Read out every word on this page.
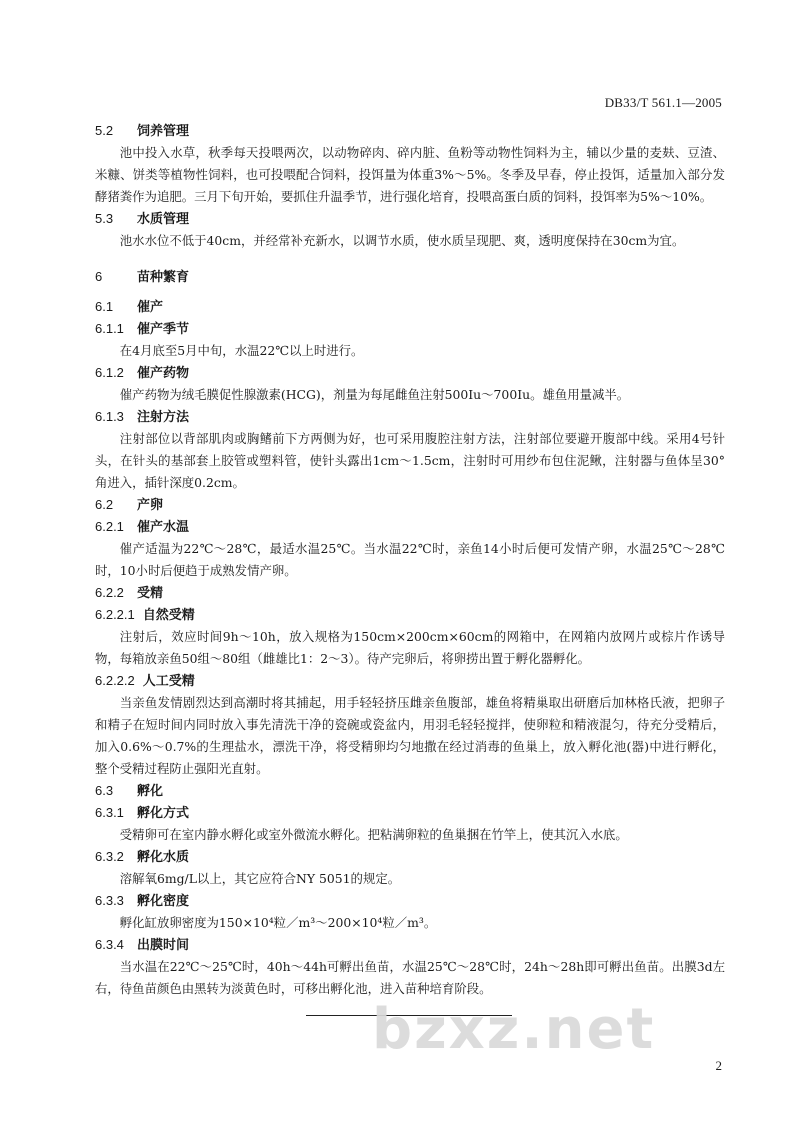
DB33/T 561.1—2005
5.2 饲养管理
池中投入水草，秋季每天投喂两次，以动物碎肉、碎内脏、鱼粉等动物性饲料为主，辅以少量的麦麸、豆渣、米糠、饼类等植物性饲料，也可投喂配合饲料，投饵量为体重3%～5%。冬季及早春，停止投饵，适量加入部分发酵猪粪作为追肥。三月下旬开始，要抓住升温季节，进行强化培育，投喂高蛋白质的饲料，投饵率为5%～10%。
5.3 水质管理
池水水位不低于40cm，并经常补充新水，以调节水质，使水质呈现肥、爽，透明度保持在30cm为宜。
6	苗种繁育
6.1 催产
6.1.1 催产季节
在4月底至5月中旬，水温22℃以上时进行。
6.1.2 催产药物
催产药物为绒毛膜促性腺激素(HCG)，剂量为每尾雌鱼注射500Iu～700Iu。雄鱼用量减半。
6.1.3 注射方法
注射部位以背部肌肉或胸鳍前下方两侧为好，也可采用腹腔注射方法，注射部位要避开腹部中线。采用4号针头，在针头的基部套上胶管或塑料管，使针头露出1cm～1.5cm，注射时可用纱布包住泥鳅，注射器与鱼体呈30°角进入，插针深度0.2cm。
6.2 产卵
6.2.1 催产水温
催产适温为22℃～28℃，最适水温25℃。当水温22℃时，亲鱼14小时后便可发情产卵，水温25℃～28℃时，10小时后便趋于成熟发情产卵。
6.2.2 受精
6.2.2.1 自然受精
注射后，效应时间9h～10h，放入规格为150cm×200cm×60cm的网箱中，在网箱内放网片或棕片作诱导物，每箱放亲鱼50组～80组（雌雄比1：2～3）。待产完卵后，将卵捞出置于孵化器孵化。
6.2.2.2 人工受精
当亲鱼发情剧烈达到高潮时将其捕起，用手轻轻挤压雌亲鱼腹部，雄鱼将精巢取出研磨后加林格氏液，把卵子和精子在短时间内同时放入事先清洗干净的瓷碗或瓷盆内，用羽毛轻轻搅拌，使卵粒和精液混匀，待充分受精后，加入0.6%～0.7%的生理盐水，漂洗干净，将受精卵均匀地撒在经过消毒的鱼巢上，放入孵化池(器)中进行孵化，整个受精过程防止强阳光直射。
6.3 孵化
6.3.1 孵化方式
受精卵可在室内静水孵化或室外微流水孵化。把粘满卵粒的鱼巢捆在竹竿上，使其沉入水底。
6.3.2 孵化水质
溶解氧6mg/L以上，其它应符合NY 5051的规定。
6.3.3 孵化密度
孵化缸放卵密度为150×10⁴粒／m³～200×10⁴粒／m³。
6.3.4 出膜时间
当水温在22℃～25℃时，40h～44h可孵出鱼苗，水温25℃～28℃时，24h～28h即可孵出鱼苗。出膜3d左右，待鱼苗颜色由黑转为淡黄色时，可移出孵化池，进入苗种培育阶段。
bzxz.net
2
